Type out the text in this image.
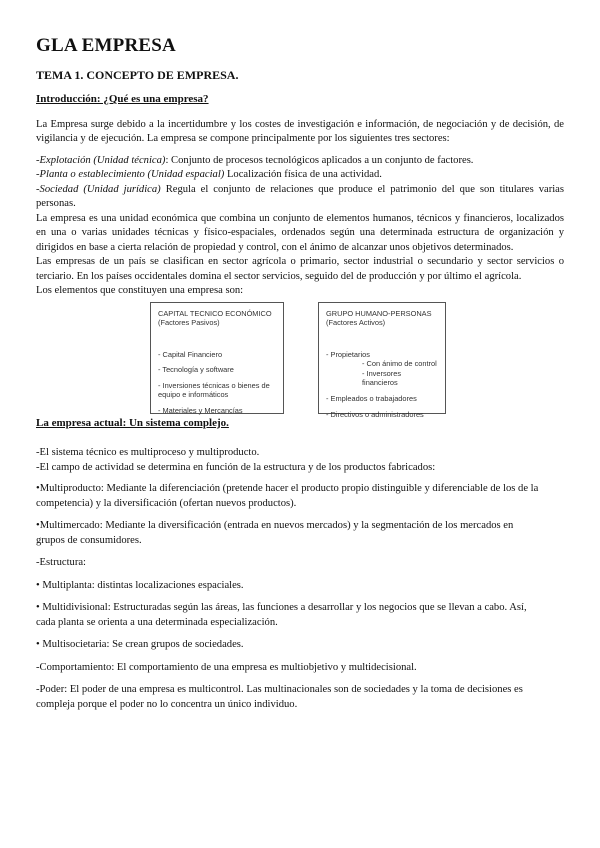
GLA EMPRESA
TEMA 1. CONCEPTO DE EMPRESA.

Introducción: ¿Qué es una empresa?

La Empresa surge debido a la incertidumbre y los costes de investigación e información, de negociación y de decisión, de vigilancia y de ejecución. La empresa se compone principalmente por los siguientes tres sectores:

-Explotación (Unidad técnica): Conjunto de procesos tecnológicos aplicados a un conjunto de factores.

-Planta o establecimiento (Unidad espacial) Localización física de una actividad.

-Sociedad (Unidad jurídica) Regula el conjunto de relaciones que produce el patrimonio del que son titulares varias personas.

La empresa es una unidad económica que combina un conjunto de elementos humanos, técnicos y financieros, localizados en una o varias unidades técnicas y físico-espaciales, ordenados según una determinada estructura de organización y dirigidos en base a cierta relación de propiedad y control, con el ánimo de alcanzar unos objetivos determinados.

Las empresas de un país se clasifican en sector agrícola o primario, sector industrial o secundario y sector servicios o terciario. En los países occidentales domina el sector servicios, seguido del de producción y por último el agrícola.

Los elementos que constituyen una empresa son:

CAPITAL TECNICO ECONÓMICO
(Factores Pasivos)
- Capital Financiero
- Tecnología y software
- Inversiones técnicas o bienes de equipo e informáticos
- Materiales y Mercancías
GRUPO HUMANO-PERSONAS
(Factores Activos)
- Propietarios
- Con ánimo de control
- Inversores financieros
- Empleados o trabajadores
- Directivos o administradores

La empresa actual: Un sistema complejo.

-El sistema técnico es multiproceso y multiproducto.

-El campo de actividad se determina en función de la estructura y de los productos fabricados:

•Multiproducto: Mediante la diferenciación (pretende hacer el producto propio distinguible y diferenciable de los de la competencia) y la diversificación (ofertan nuevos productos).

•Multimercado: Mediante la diversificación (entrada en nuevos mercados) y la segmentación de los mercados en grupos de consumidores.

-Estructura:

• Multiplanta: distintas localizaciones espaciales.

• Multidivisional: Estructuradas según las áreas, las funciones a desarrollar y los negocios que se llevan a cabo. Así, cada planta se orienta a una determinada especialización.

• Multisocietaria: Se crean grupos de sociedades.

-Comportamiento: El comportamiento de una empresa es multiobjetivo y multidecisional.

-Poder: El poder de una empresa es multicontrol. Las multinacionales son de sociedades y la toma de decisiones es compleja porque el poder no lo concentra un único individuo.
